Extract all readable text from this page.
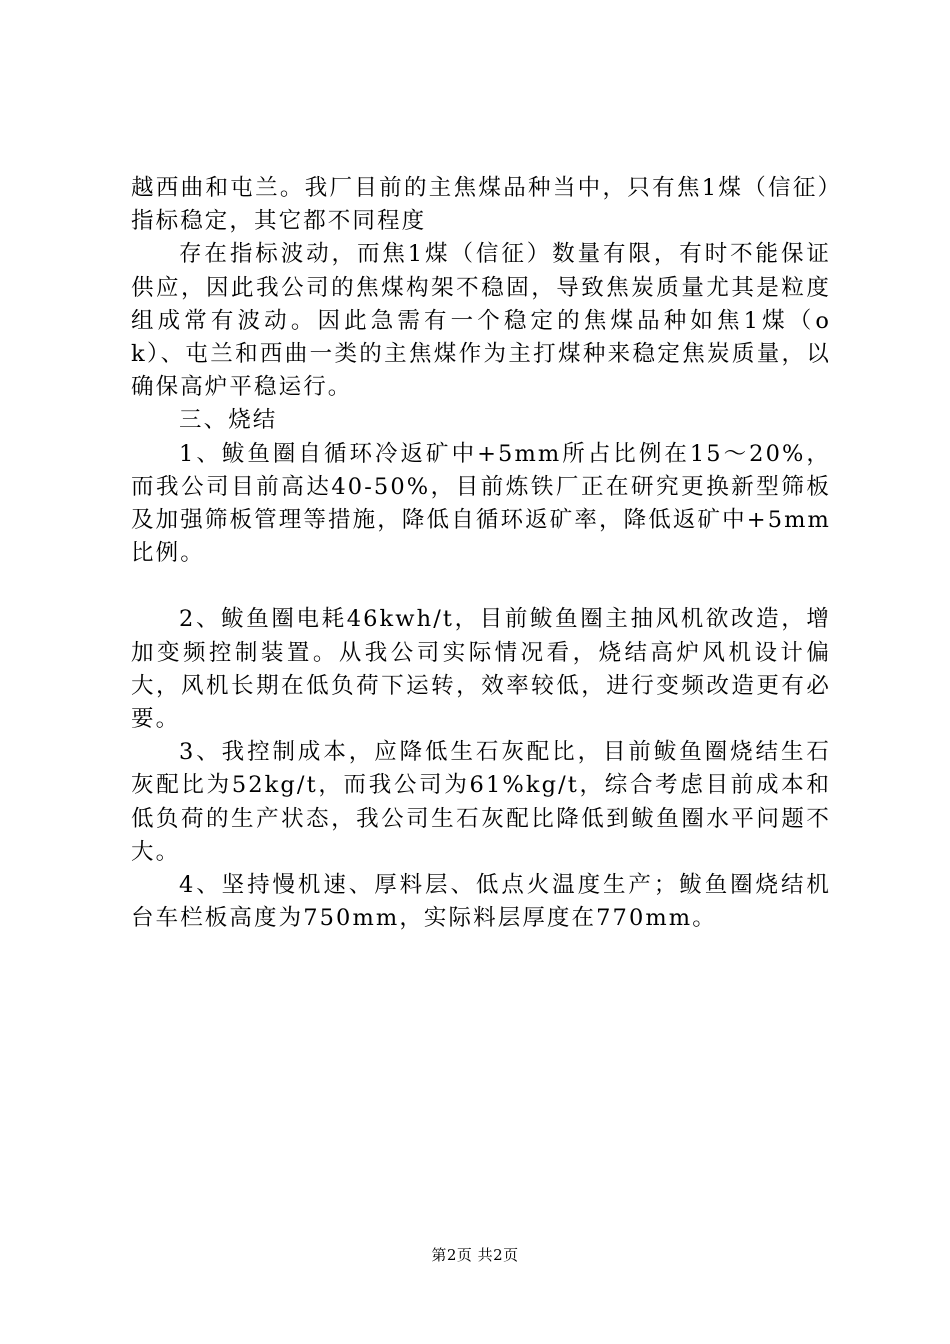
越西曲和屯兰。我厂目前的主焦煤品种当中，只有焦1煤（信征）指标稳定，其它都不同程度

存在指标波动，而焦1煤（信征）数量有限，有时不能保证供应，因此我公司的焦煤构架不稳固，导致焦炭质量尤其是粒度组成常有波动。因此急需有一个稳定的焦煤品种如焦1煤（ok）、屯兰和西曲一类的主焦煤作为主打煤种来稳定焦炭质量，以确保高炉平稳运行。

三、烧结

1、鲅鱼圈自循环冷返矿中+5mm所占比例在15～20%，而我公司目前高达40-50%，目前炼铁厂正在研究更换新型筛板及加强筛板管理等措施，降低自循环返矿率，降低返矿中+5mm比例。

2、鲅鱼圈电耗46kwh/t，目前鲅鱼圈主抽风机欲改造，增加变频控制装置。从我公司实际情况看，烧结高炉风机设计偏大，风机长期在低负荷下运转，效率较低，进行变频改造更有必要。

3、我控制成本，应降低生石灰配比，目前鲅鱼圈烧结生石灰配比为52kg/t，而我公司为61%kg/t，综合考虑目前成本和低负荷的生产状态，我公司生石灰配比降低到鲅鱼圈水平问题不大。

4、坚持慢机速、厚料层、低点火温度生产；鲅鱼圈烧结机台车栏板高度为750mm，实际料层厚度在770mm。

第2页 共2页
